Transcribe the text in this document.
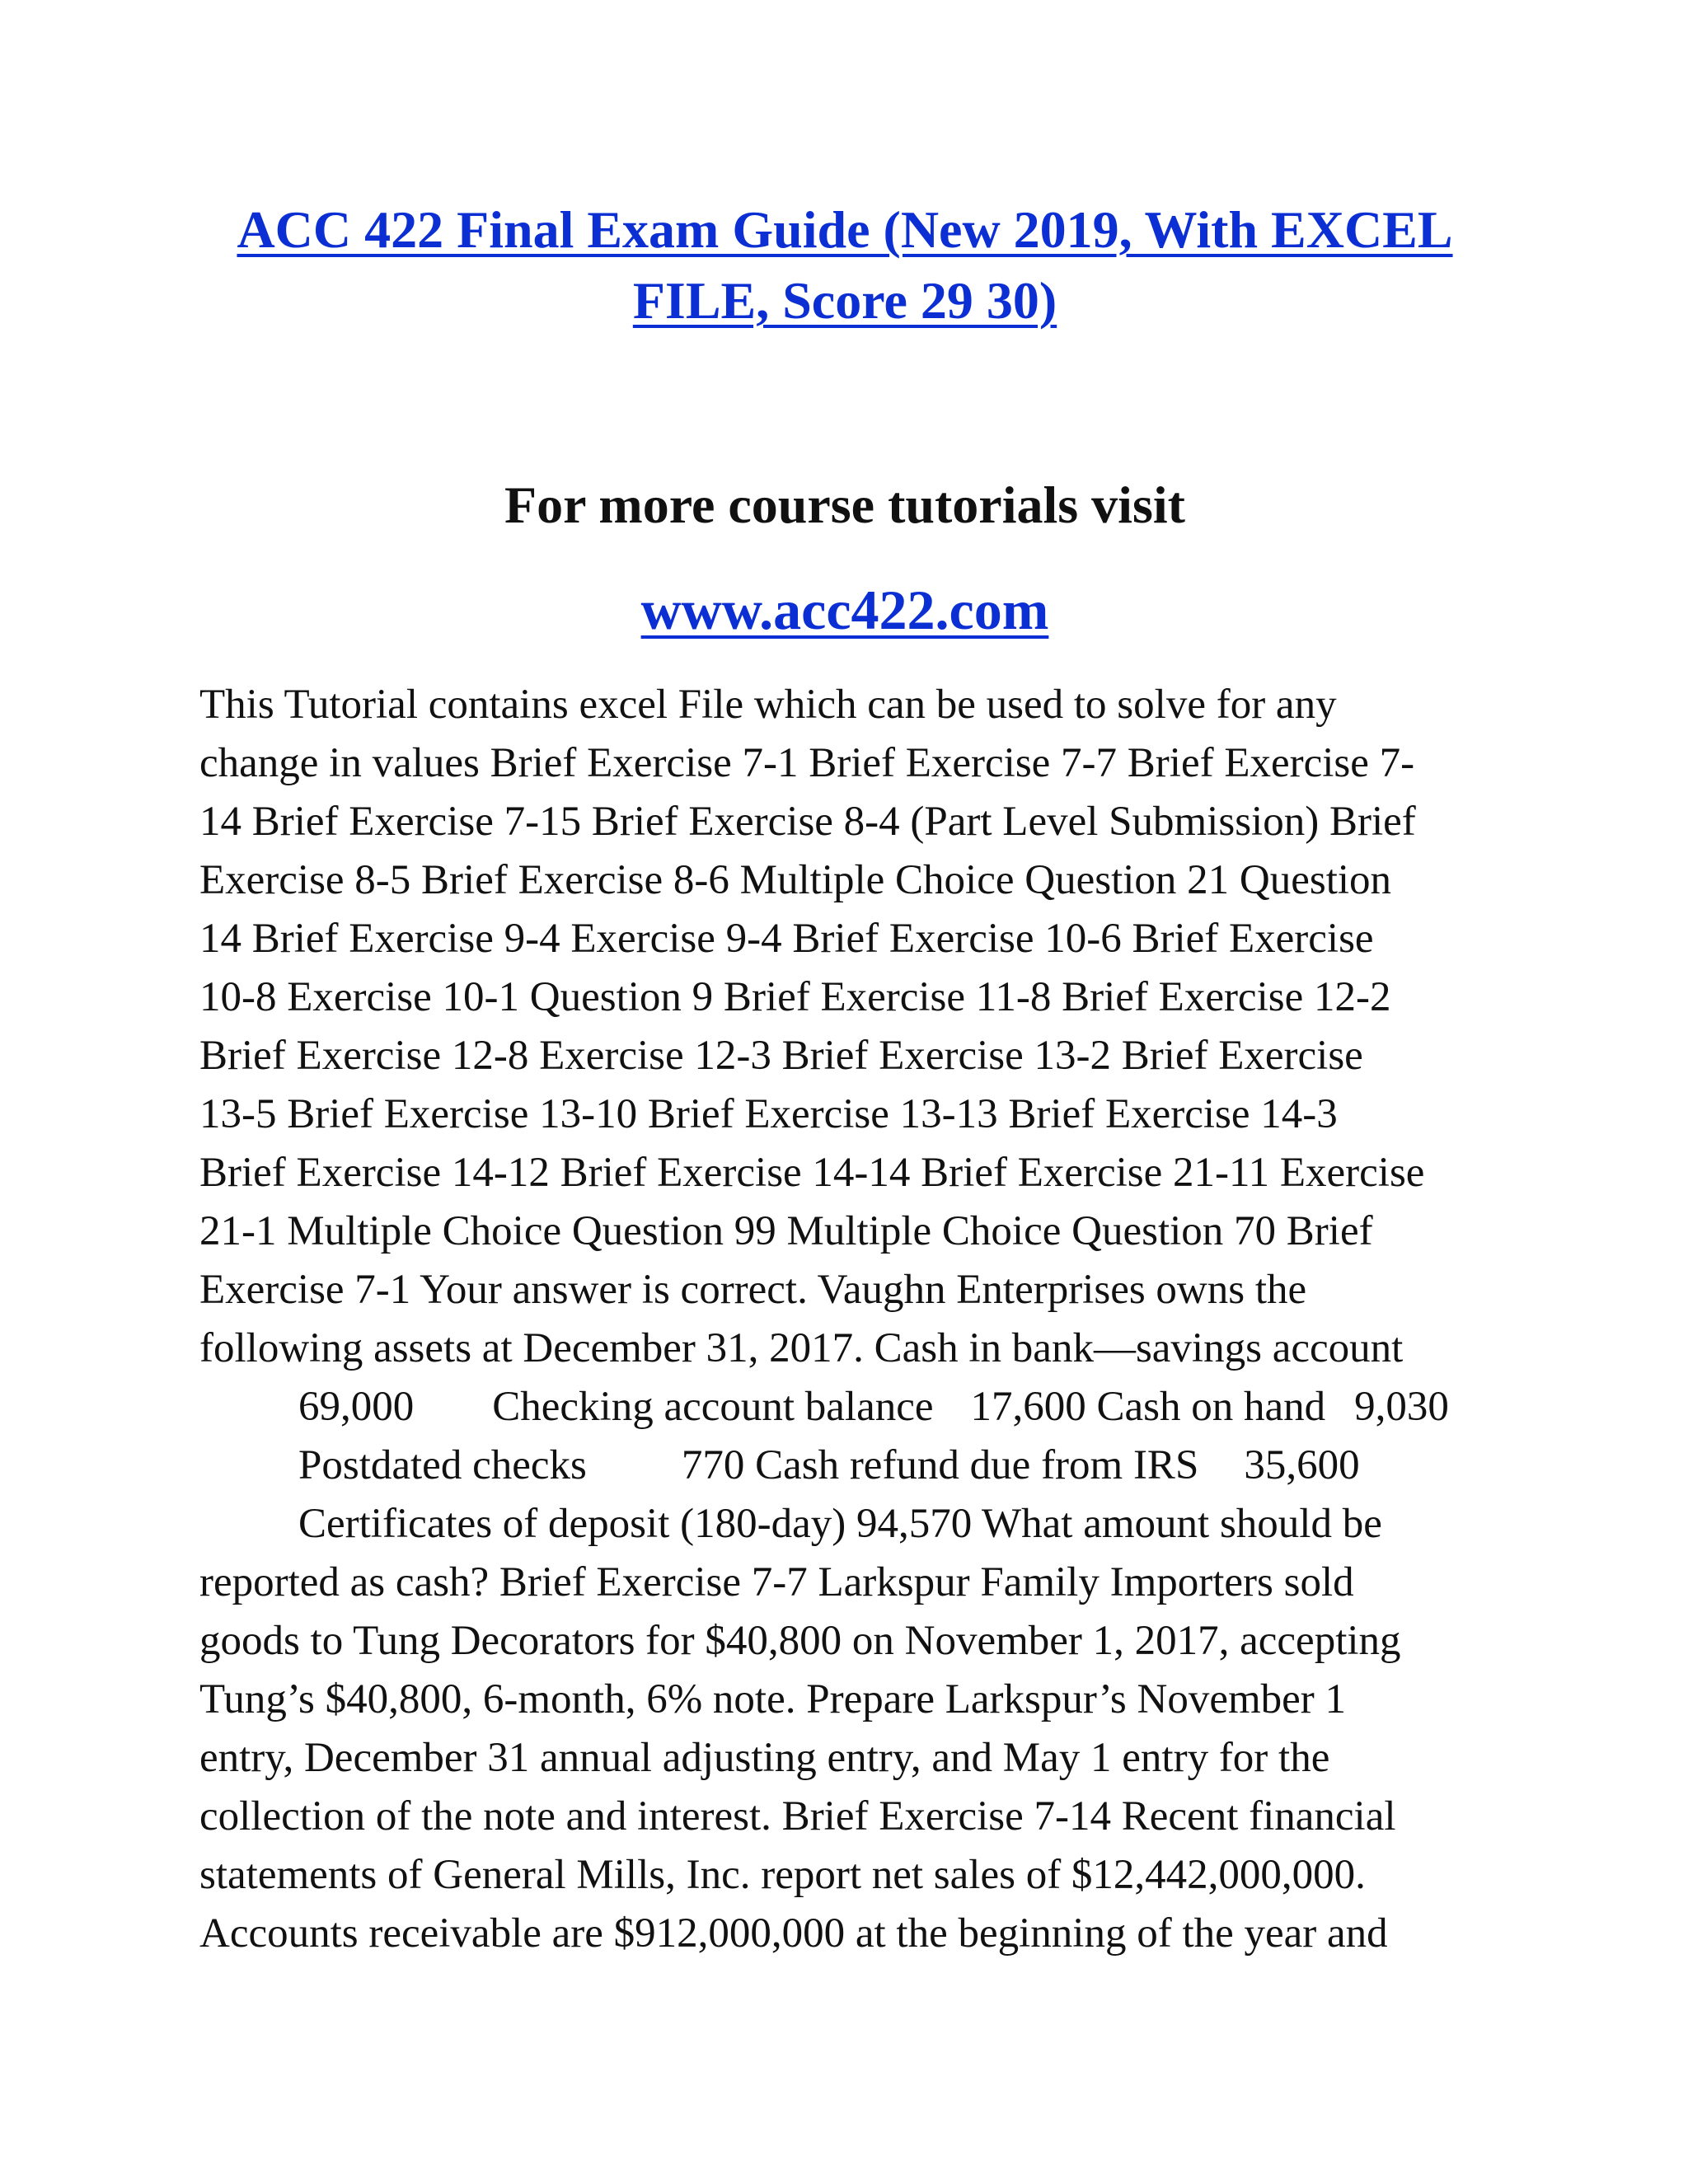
ACC 422 Final Exam Guide (New 2019, With EXCEL
FILE, Score 29 30)

For more course tutorials visit

www.acc422.com

This Tutorial contains excel File which can be used to solve for any
change in values Brief Exercise 7-1 Brief Exercise 7-7 Brief Exercise 7-
14 Brief Exercise 7-15 Brief Exercise 8-4 (Part Level Submission) Brief
Exercise 8-5 Brief Exercise 8-6 Multiple Choice Question 21 Question
14 Brief Exercise 9-4 Exercise 9-4 Brief Exercise 10-6 Brief Exercise
10-8 Exercise 10-1 Question 9 Brief Exercise 11-8 Brief Exercise 12-2
Brief Exercise 12-8 Exercise 12-3 Brief Exercise 13-2 Brief Exercise
13-5 Brief Exercise 13-10 Brief Exercise 13-13 Brief Exercise 14-3
Brief Exercise 14-12 Brief Exercise 14-14 Brief Exercise 21-11 Exercise
21-1 Multiple Choice Question 99 Multiple Choice Question 70 Brief
Exercise 7-1 Your answer is correct. Vaughn Enterprises owns the
following assets at December 31, 2017. Cash in bank—savings account
69,000 Checking account balance 17,600 Cash on hand 9,030
Postdated checks 770 Cash refund due from IRS 35,600
Certificates of deposit (180-day) 94,570 What amount should be
reported as cash? Brief Exercise 7-7 Larkspur Family Importers sold
goods to Tung Decorators for $40,800 on November 1, 2017, accepting
Tung’s $40,800, 6-month, 6% note. Prepare Larkspur’s November 1
entry, December 31 annual adjusting entry, and May 1 entry for the
collection of the note and interest. Brief Exercise 7-14 Recent financial
statements of General Mills, Inc. report net sales of $12,442,000,000.
Accounts receivable are $912,000,000 at the beginning of the year and
